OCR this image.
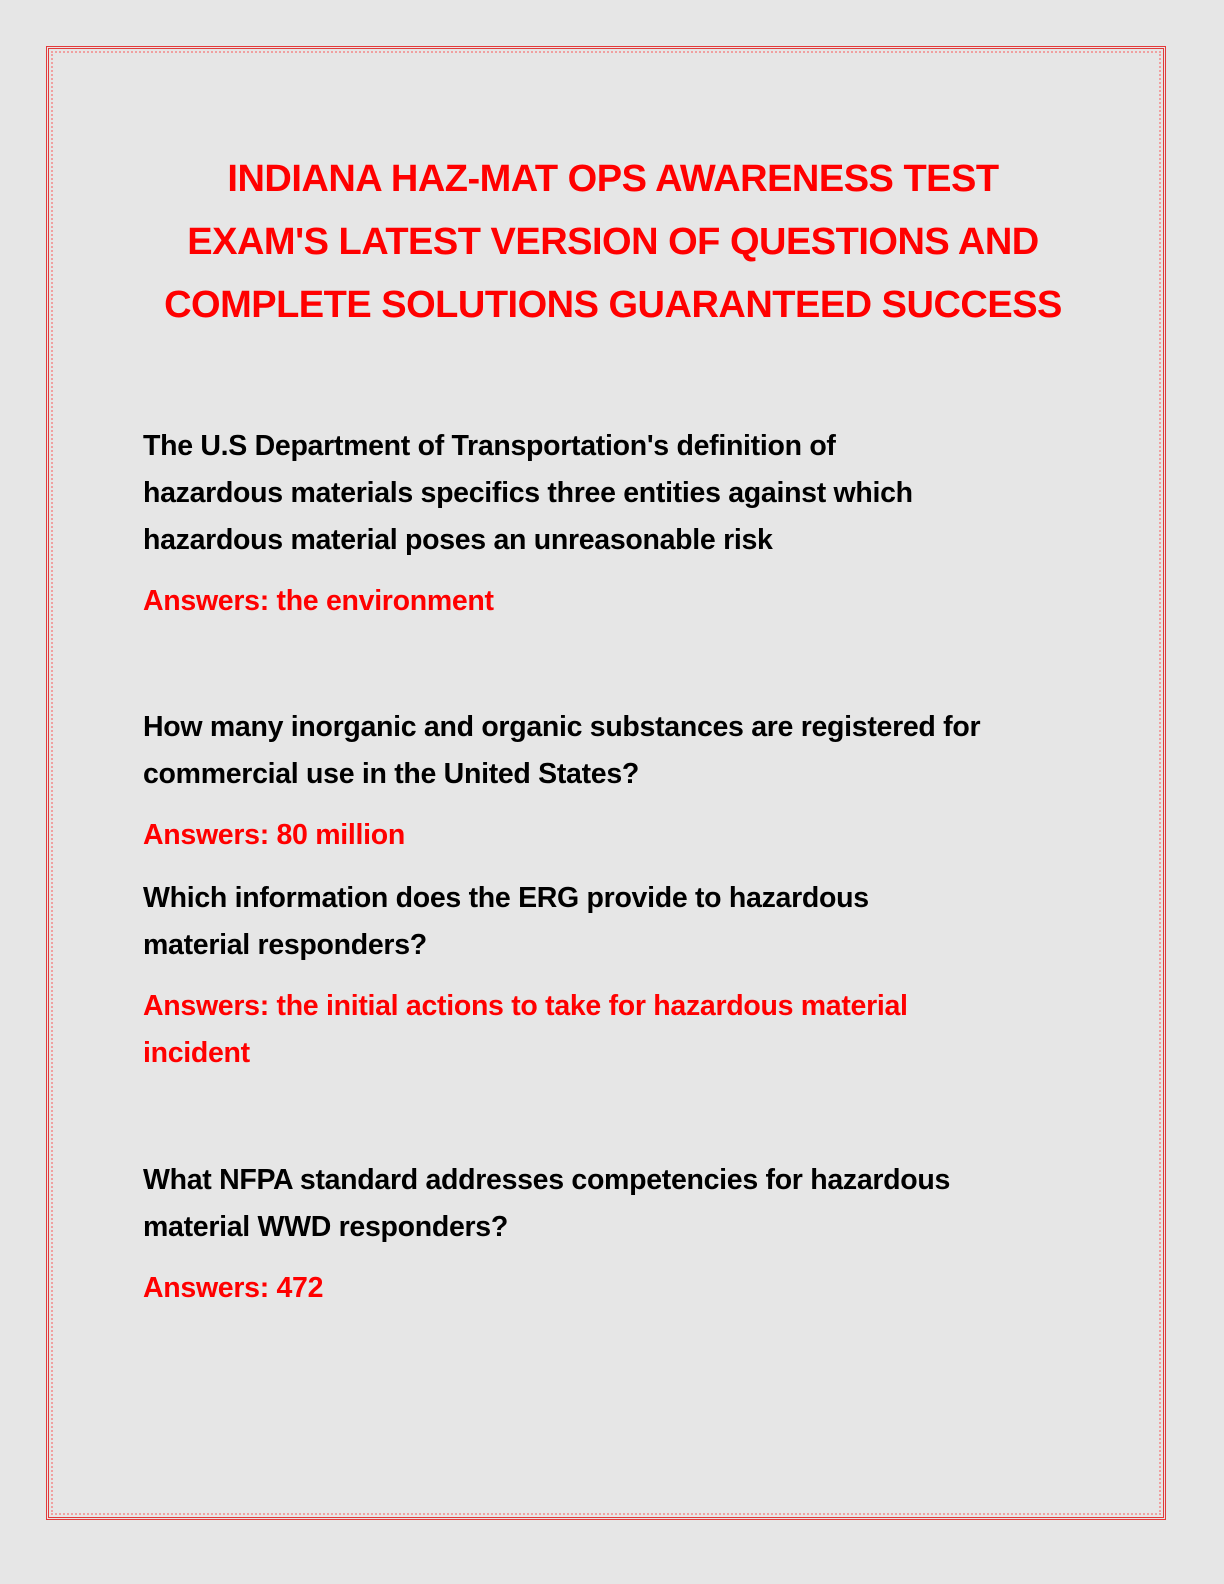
INDIANA HAZ-MAT OPS AWARENESS TEST
EXAM'S LATEST VERSION OF QUESTIONS AND
COMPLETE SOLUTIONS GUARANTEED SUCCESS

The U.S Department of Transportation's definition of
hazardous materials specifics three entities against which
hazardous material poses an unreasonable risk

Answers: the environment

How many inorganic and organic substances are registered for
commercial use in the United States?

Answers: 80 million

Which information does the ERG provide to hazardous
material responders?

Answers: the initial actions to take for hazardous material
incident

What NFPA standard addresses competencies for hazardous
material WWD responders?

Answers: 472
